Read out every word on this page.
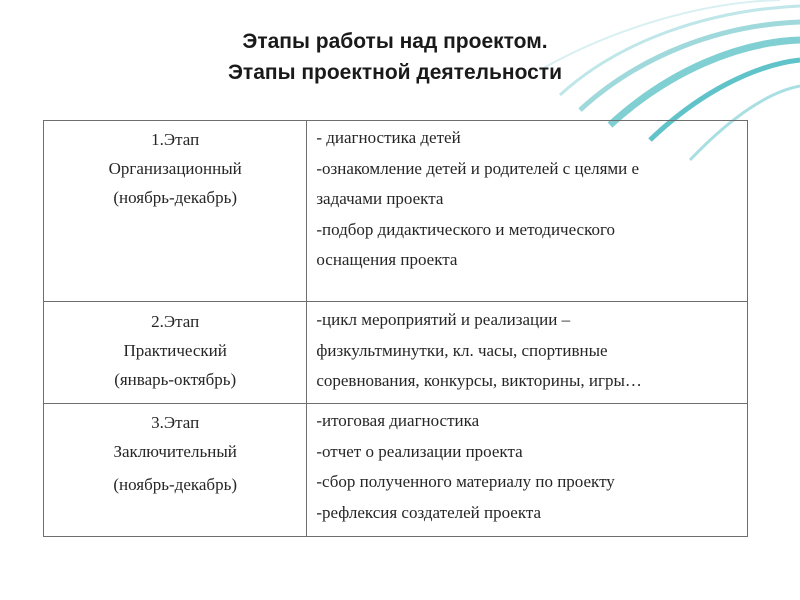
Этапы работы над проектом.
Этапы проектной деятельности
1.Этап
Организационный
(ноябрь-декабрь)	- диагностика детей
-ознакомление детей и родителей с целями е
задачами проекта
-подбор дидактического и методического
оснащения проекта

2.Этап
Практический
(январь-октябрь)	-цикл мероприятий и реализации –
физкультминутки, кл. часы, спортивные
соревнования, конкурсы, викторины, игры…

3.Этап
Заключительный
(ноябрь-декабрь)	-итоговая диагностика
-отчет о реализации проекта
-сбор полученного материалу по проекту
-рефлексия создателей проекта
